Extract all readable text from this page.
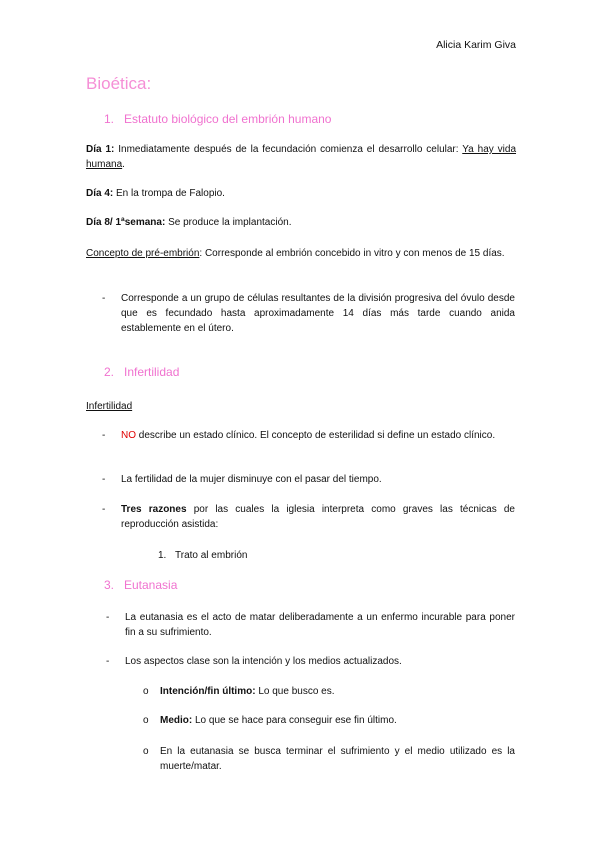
Alicia Karim Giva
Bioética:
1. Estatuto biológico del embrión humano
Día 1: Inmediatamente después de la fecundación comienza el desarrollo celular: Ya hay vida humana.
Día 4: En la trompa de Falopio.
Día 8/ 1ªsemana: Se produce la implantación.
Concepto de pré-embrión: Corresponde al embrión concebido in vitro y con menos de 15 días.
- Corresponde a un grupo de células resultantes de la división progresiva del óvulo desde que es fecundado hasta aproximadamente 14 días más tarde cuando anida establemente en el útero.
2. Infertilidad
Infertilidad
- NO describe un estado clínico. El concepto de esterilidad si define un estado clínico.
- La fertilidad de la mujer disminuye con el pasar del tiempo.
- Tres razones por las cuales la iglesia interpreta como graves las técnicas de reproducción asistida:
1. Trato al embrión
3. Eutanasia
- La eutanasia es el acto de matar deliberadamente a un enfermo incurable para poner fin a su sufrimiento.
- Los aspectos clase son la intención y los medios actualizados.
o Intención/fin último: Lo que busco es.
o Medio: Lo que se hace para conseguir ese fin último.
o En la eutanasia se busca terminar el sufrimiento y el medio utilizado es la muerte/matar.
